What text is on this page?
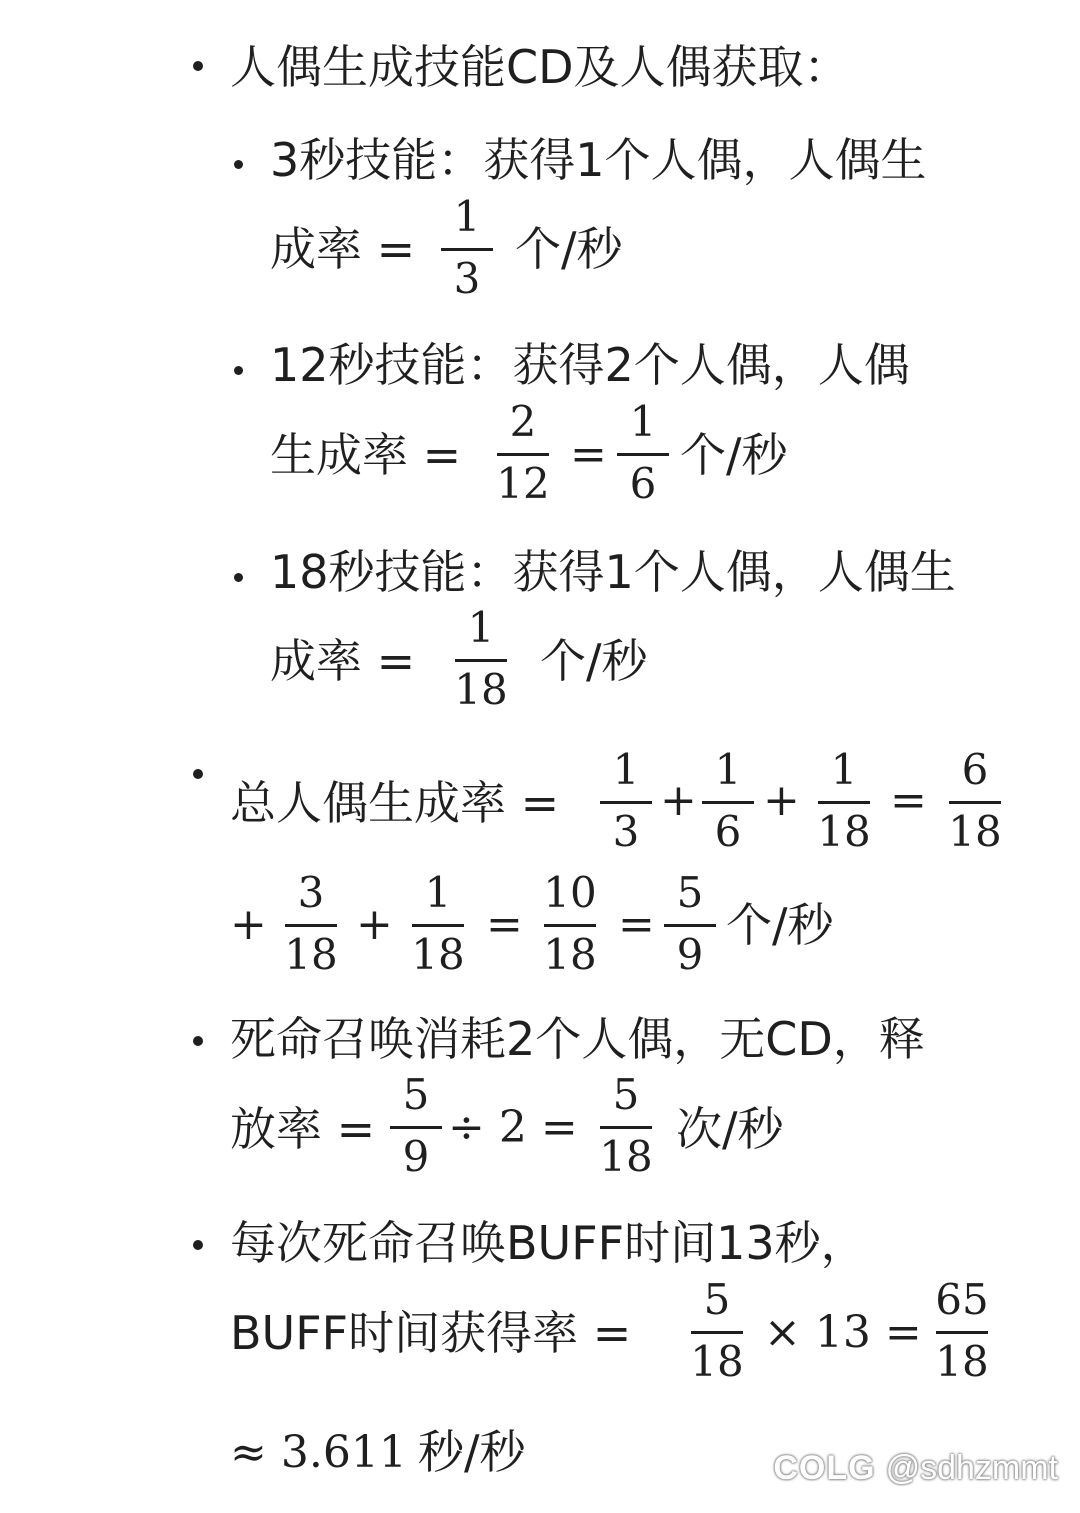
人偶生成技能CD及人偶获取：
3秒技能：获得1个人偶，人偶生
成率 =
1
3
个/秒
12秒技能：获得2个人偶，人偶
生成率 =
2
12
=
1
6
个/秒
18秒技能：获得1个人偶，人偶生
成率 =
1
18
个/秒
总人偶生成率 =
1
3
+
1
6
+
1
18
=
6
18
+
3
18
+
1
18
=
10
18
=
5
9
个/秒
死命召唤消耗2个人偶，无CD，释
放率 =
5
9
÷ 2 =
5
18
次/秒
每次死命召唤BUFF时间13秒，
BUFF时间获得率 =
5
18
× 13 =
65
18
≈ 3.611 秒/秒	COLG @sdhzmmt
